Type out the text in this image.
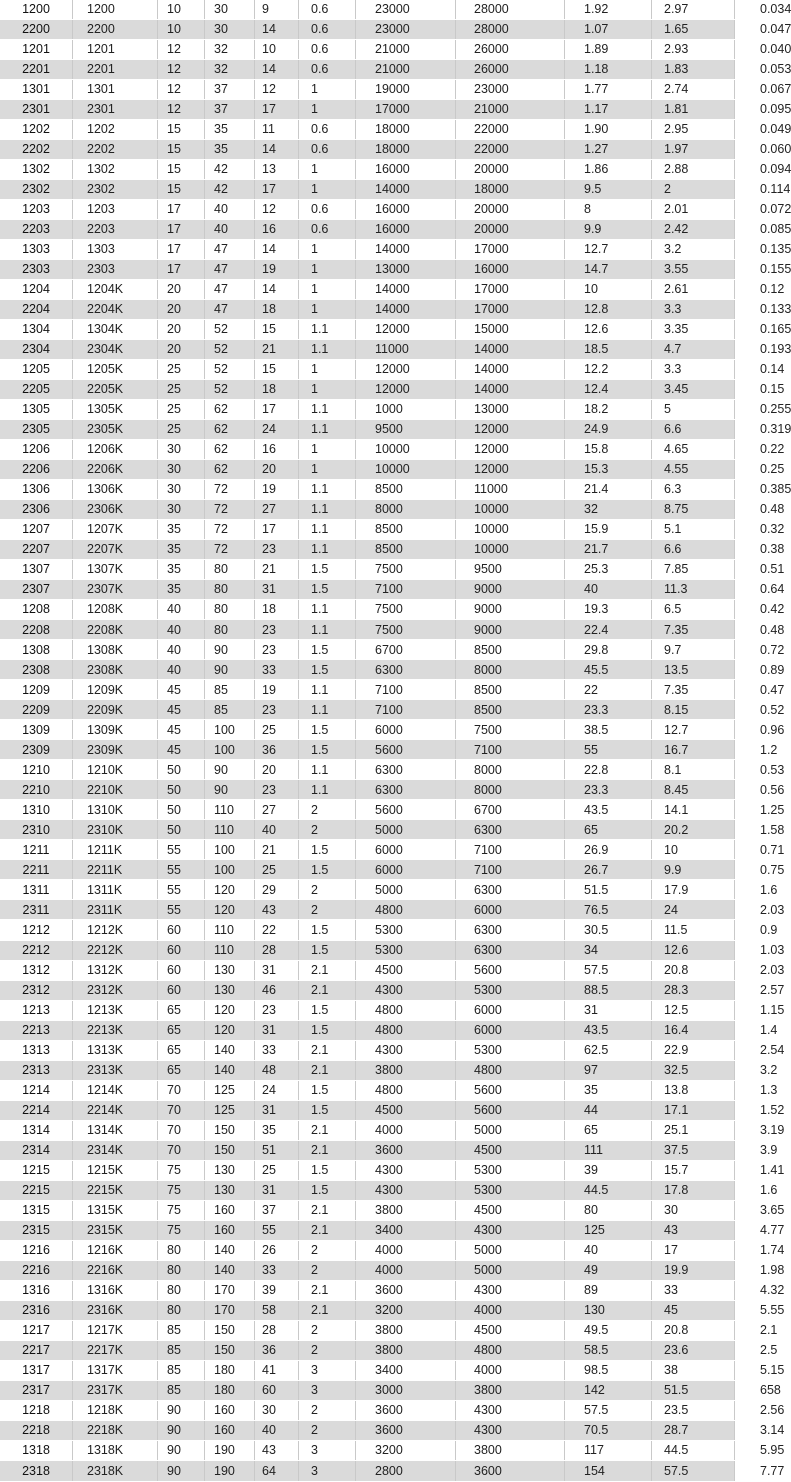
1200	1200	10	30	9	0.6	23000	28000	1.92	2.97	0.034
2200	2200	10	30	14	0.6	23000	28000	1.07	1.65	0.047
1201	1201	12	32	10	0.6	21000	26000	1.89	2.93	0.040
2201	2201	12	32	14	0.6	21000	26000	1.18	1.83	0.053
1301	1301	12	37	12	1	19000	23000	1.77	2.74	0.067
2301	2301	12	37	17	1	17000	21000	1.17	1.81	0.095
1202	1202	15	35	11	0.6	18000	22000	1.90	2.95	0.049
2202	2202	15	35	14	0.6	18000	22000	1.27	1.97	0.060
1302	1302	15	42	13	1	16000	20000	1.86	2.88	0.094
2302	2302	15	42	17	1	14000	18000	9.5	2	0.114
1203	1203	17	40	12	0.6	16000	20000	8	2.01	0.072
2203	2203	17	40	16	0.6	16000	20000	9.9	2.42	0.085
1303	1303	17	47	14	1	14000	17000	12.7	3.2	0.135
2303	2303	17	47	19	1	13000	16000	14.7	3.55	0.155
1204	1204K	20	47	14	1	14000	17000	10	2.61	0.12
2204	2204K	20	47	18	1	14000	17000	12.8	3.3	0.133
1304	1304K	20	52	15	1.1	12000	15000	12.6	3.35	0.165
2304	2304K	20	52	21	1.1	11000	14000	18.5	4.7	0.193
1205	1205K	25	52	15	1	12000	14000	12.2	3.3	0.14
2205	2205K	25	52	18	1	12000	14000	12.4	3.45	0.15
1305	1305K	25	62	17	1.1	1000	13000	18.2	5	0.255
2305	2305K	25	62	24	1.1	9500	12000	24.9	6.6	0.319
1206	1206K	30	62	16	1	10000	12000	15.8	4.65	0.22
2206	2206K	30	62	20	1	10000	12000	15.3	4.55	0.25
1306	1306K	30	72	19	1.1	8500	11000	21.4	6.3	0.385
2306	2306K	30	72	27	1.1	8000	10000	32	8.75	0.48
1207	1207K	35	72	17	1.1	8500	10000	15.9	5.1	0.32
2207	2207K	35	72	23	1.1	8500	10000	21.7	6.6	0.38
1307	1307K	35	80	21	1.5	7500	9500	25.3	7.85	0.51
2307	2307K	35	80	31	1.5	7100	9000	40	11.3	0.64
1208	1208K	40	80	18	1.1	7500	9000	19.3	6.5	0.42
2208	2208K	40	80	23	1.1	7500	9000	22.4	7.35	0.48
1308	1308K	40	90	23	1.5	6700	8500	29.8	9.7	0.72
2308	2308K	40	90	33	1.5	6300	8000	45.5	13.5	0.89
1209	1209K	45	85	19	1.1	7100	8500	22	7.35	0.47
2209	2209K	45	85	23	1.1	7100	8500	23.3	8.15	0.52
1309	1309K	45	100	25	1.5	6000	7500	38.5	12.7	0.96
2309	2309K	45	100	36	1.5	5600	7100	55	16.7	1.2
1210	1210K	50	90	20	1.1	6300	8000	22.8	8.1	0.53
2210	2210K	50	90	23	1.1	6300	8000	23.3	8.45	0.56
1310	1310K	50	110	27	2	5600	6700	43.5	14.1	1.25
2310	2310K	50	110	40	2	5000	6300	65	20.2	1.58
1211	1211K	55	100	21	1.5	6000	7100	26.9	10	0.71
2211	2211K	55	100	25	1.5	6000	7100	26.7	9.9	0.75
1311	1311K	55	120	29	2	5000	6300	51.5	17.9	1.6
2311	2311K	55	120	43	2	4800	6000	76.5	24	2.03
1212	1212K	60	110	22	1.5	5300	6300	30.5	11.5	0.9
2212	2212K	60	110	28	1.5	5300	6300	34	12.6	1.03
1312	1312K	60	130	31	2.1	4500	5600	57.5	20.8	2.03
2312	2312K	60	130	46	2.1	4300	5300	88.5	28.3	2.57
1213	1213K	65	120	23	1.5	4800	6000	31	12.5	1.15
2213	2213K	65	120	31	1.5	4800	6000	43.5	16.4	1.4
1313	1313K	65	140	33	2.1	4300	5300	62.5	22.9	2.54
2313	2313K	65	140	48	2.1	3800	4800	97	32.5	3.2
1214	1214K	70	125	24	1.5	4800	5600	35	13.8	1.3
2214	2214K	70	125	31	1.5	4500	5600	44	17.1	1.52
1314	1314K	70	150	35	2.1	4000	5000	65	25.1	3.19
2314	2314K	70	150	51	2.1	3600	4500	111	37.5	3.9
1215	1215K	75	130	25	1.5	4300	5300	39	15.7	1.41
2215	2215K	75	130	31	1.5	4300	5300	44.5	17.8	1.6
1315	1315K	75	160	37	2.1	3800	4500	80	30	3.65
2315	2315K	75	160	55	2.1	3400	4300	125	43	4.77
1216	1216K	80	140	26	2	4000	5000	40	17	1.74
2216	2216K	80	140	33	2	4000	5000	49	19.9	1.98
1316	1316K	80	170	39	2.1	3600	4300	89	33	4.32
2316	2316K	80	170	58	2.1	3200	4000	130	45	5.55
1217	1217K	85	150	28	2	3800	4500	49.5	20.8	2.1
2217	2217K	85	150	36	2	3800	4800	58.5	23.6	2.5
1317	1317K	85	180	41	3	3400	4000	98.5	38	5.15
2317	2317K	85	180	60	3	3000	3800	142	51.5	658
1218	1218K	90	160	30	2	3600	4300	57.5	23.5	2.56
2218	2218K	90	160	40	2	3600	4300	70.5	28.7	3.14
1318	1318K	90	190	43	3	3200	3800	117	44.5	5.95
2318	2318K	90	190	64	3	2800	3600	154	57.5	7.77
